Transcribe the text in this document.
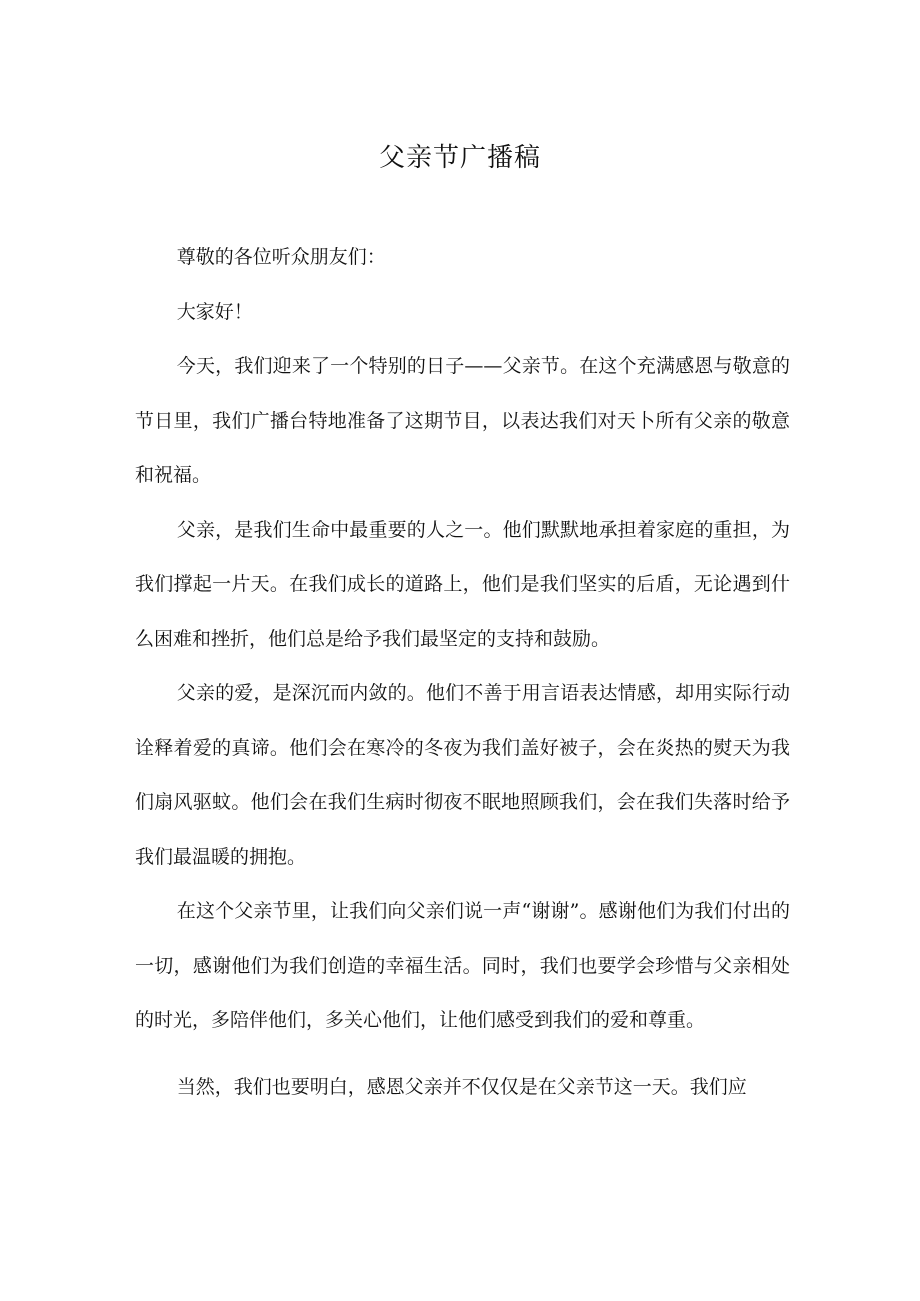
父亲节广播稿

尊敬的各位听众朋友们：

大家好！

今天，我们迎来了一个特别的日子——父亲节。在这个充满感恩与敬意的节日里，我们广播台特地准备了这期节目，以表达我们对天卜所有父亲的敬意和祝福。

父亲，是我们生命中最重要的人之一。他们默默地承担着家庭的重担，为我们撑起一片天。在我们成长的道路上，他们是我们坚实的后盾，无论遇到什么困难和挫折，他们总是给予我们最坚定的支持和鼓励。

父亲的爱，是深沉而内敛的。他们不善于用言语表达情感，却用实际行动诠释着爱的真谛。他们会在寒冷的冬夜为我们盖好被子，会在炎热的熨天为我们扇风驱蚊。他们会在我们生病时彻夜不眠地照顾我们，会在我们失落时给予我们最温暖的拥抱。

在这个父亲节里，让我们向父亲们说一声“谢谢”。感谢他们为我们付出的一切，感谢他们为我们创造的幸福生活。同时，我们也要学会珍惜与父亲相处的时光，多陪伴他们，多关心他们，让他们感受到我们的爱和尊重。

当然，我们也要明白，感恩父亲并不仅仅是在父亲节这一天。我们应
